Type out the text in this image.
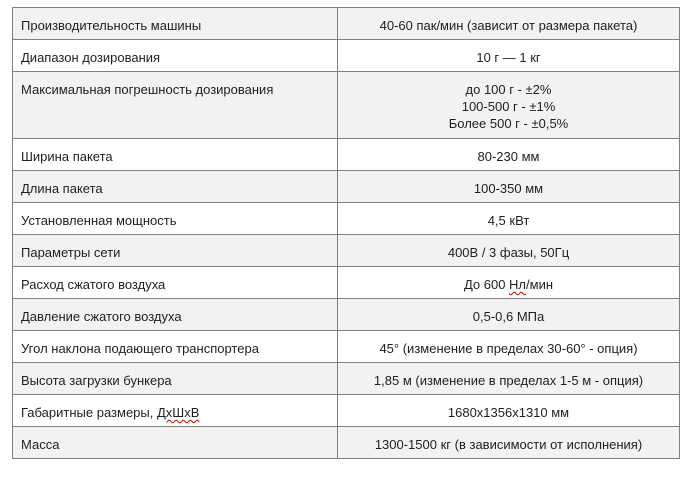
Производительность машины	40-60 пак/мин (зависит от размера пакета)

Диапазон дозирования	10 г — 1 кг

Максимальная погрешность дозирования	до 100 г - ±2%
100-500 г - ±1%
Более 500 г - ±0,5%

Ширина пакета	80-230 мм

Длина пакета	100-350 мм

Установленная мощность	4,5 кВт

Параметры сети	400В / 3 фазы, 50Гц

Расход сжатого воздуха	До 600 Нл/мин

Давление сжатого воздуха	0,5-0,6 МПа

Угол наклона подающего транспортера	45° (изменение в пределах 30-60° - опция)

Высота загрузки бункера	1,85 м (изменение в пределах 1-5 м - опция)

Габаритные размеры, ДхШхВ	1680x1356x1310 мм

Масса	1300-1500 кг (в зависимости от исполнения)
